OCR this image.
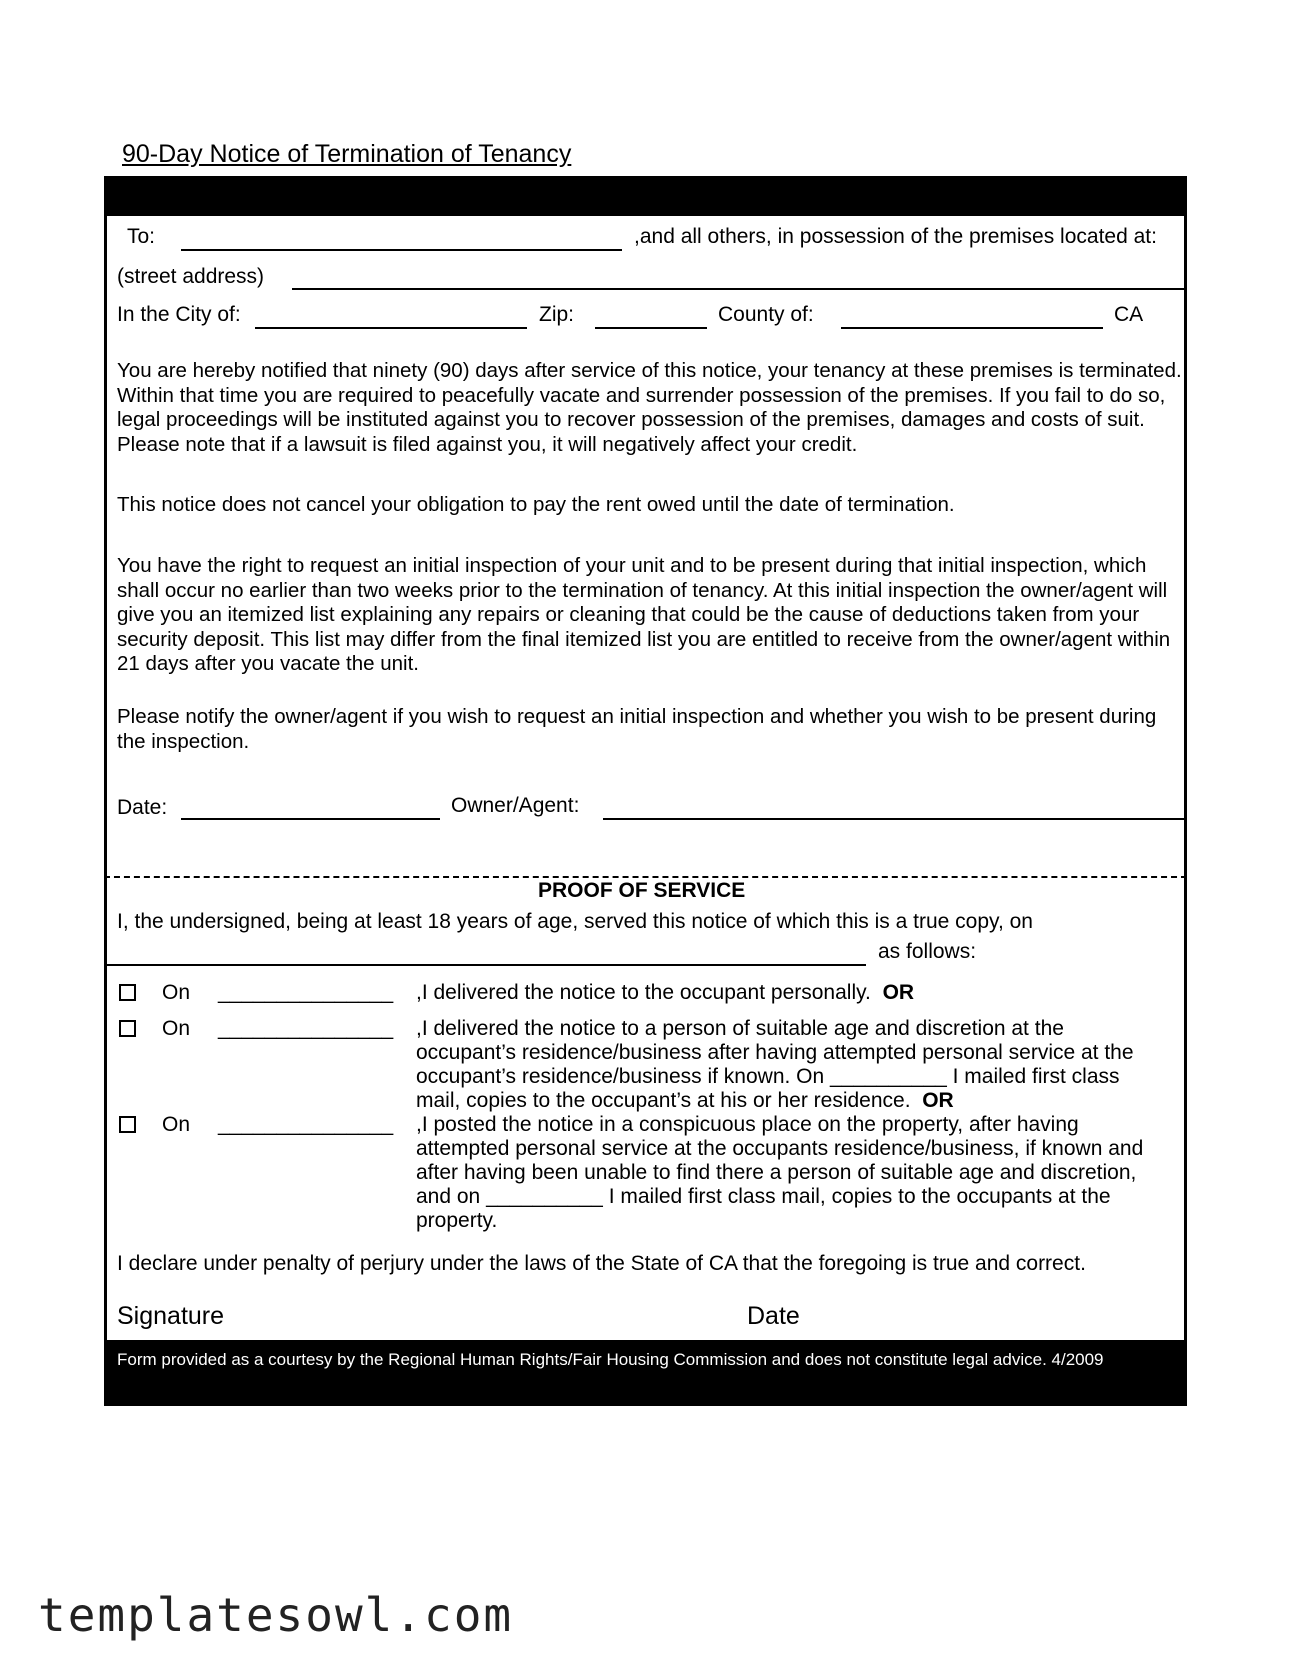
90-Day Notice of Termination of Tenancy
To:	,and all others, in possession of the premises located at:
(street address)
In the City of:	Zip:	County of:	CA
You are hereby notified that ninety (90) days after service of this notice, your tenancy at these premises is terminated. Within that time you are required to peacefully vacate and surrender possession of the premises. If you fail to do so, legal proceedings will be instituted against you to recover possession of the premises, damages and costs of suit. Please note that if a lawsuit is filed against you, it will negatively affect your credit.
This notice does not cancel your obligation to pay the rent owed until the date of termination.
You have the right to request an initial inspection of your unit and to be present during that initial inspection, which shall occur no earlier than two weeks prior to the termination of tenancy. At this initial inspection the owner/agent will give you an itemized list explaining any repairs or cleaning that could be the cause of deductions taken from your security deposit. This list may differ from the final itemized list you are entitled to receive from the owner/agent within 21 days after you vacate the unit.
Please notify the owner/agent if you wish to request an initial inspection and whether you wish to be present during the inspection.
Date:	Owner/Agent:
PROOF OF SERVICE
I, the undersigned, being at least 18 years of age, served this notice of which this is a true copy, on
as follows:
On _______________ ,I delivered the notice to the occupant personally. OR
On _______________ ,I delivered the notice to a person of suitable age and discretion at the
occupant’s residence/business after having attempted personal service at the
occupant’s residence/business if known. On __________ I mailed first class
mail, copies to the occupant’s at his or her residence. OR
On _______________ ,I posted the notice in a conspicuous place on the property, after having
attempted personal service at the occupants residence/business, if known and
after having been unable to find there a person of suitable age and discretion,
and on __________ I mailed first class mail, copies to the occupants at the
property.
I declare under penalty of perjury under the laws of the State of CA that the foregoing is true and correct.
Signature	Date
Form provided as a courtesy by the Regional Human Rights/Fair Housing Commission and does not constitute legal advice. 4/2009
templatesowl.com
